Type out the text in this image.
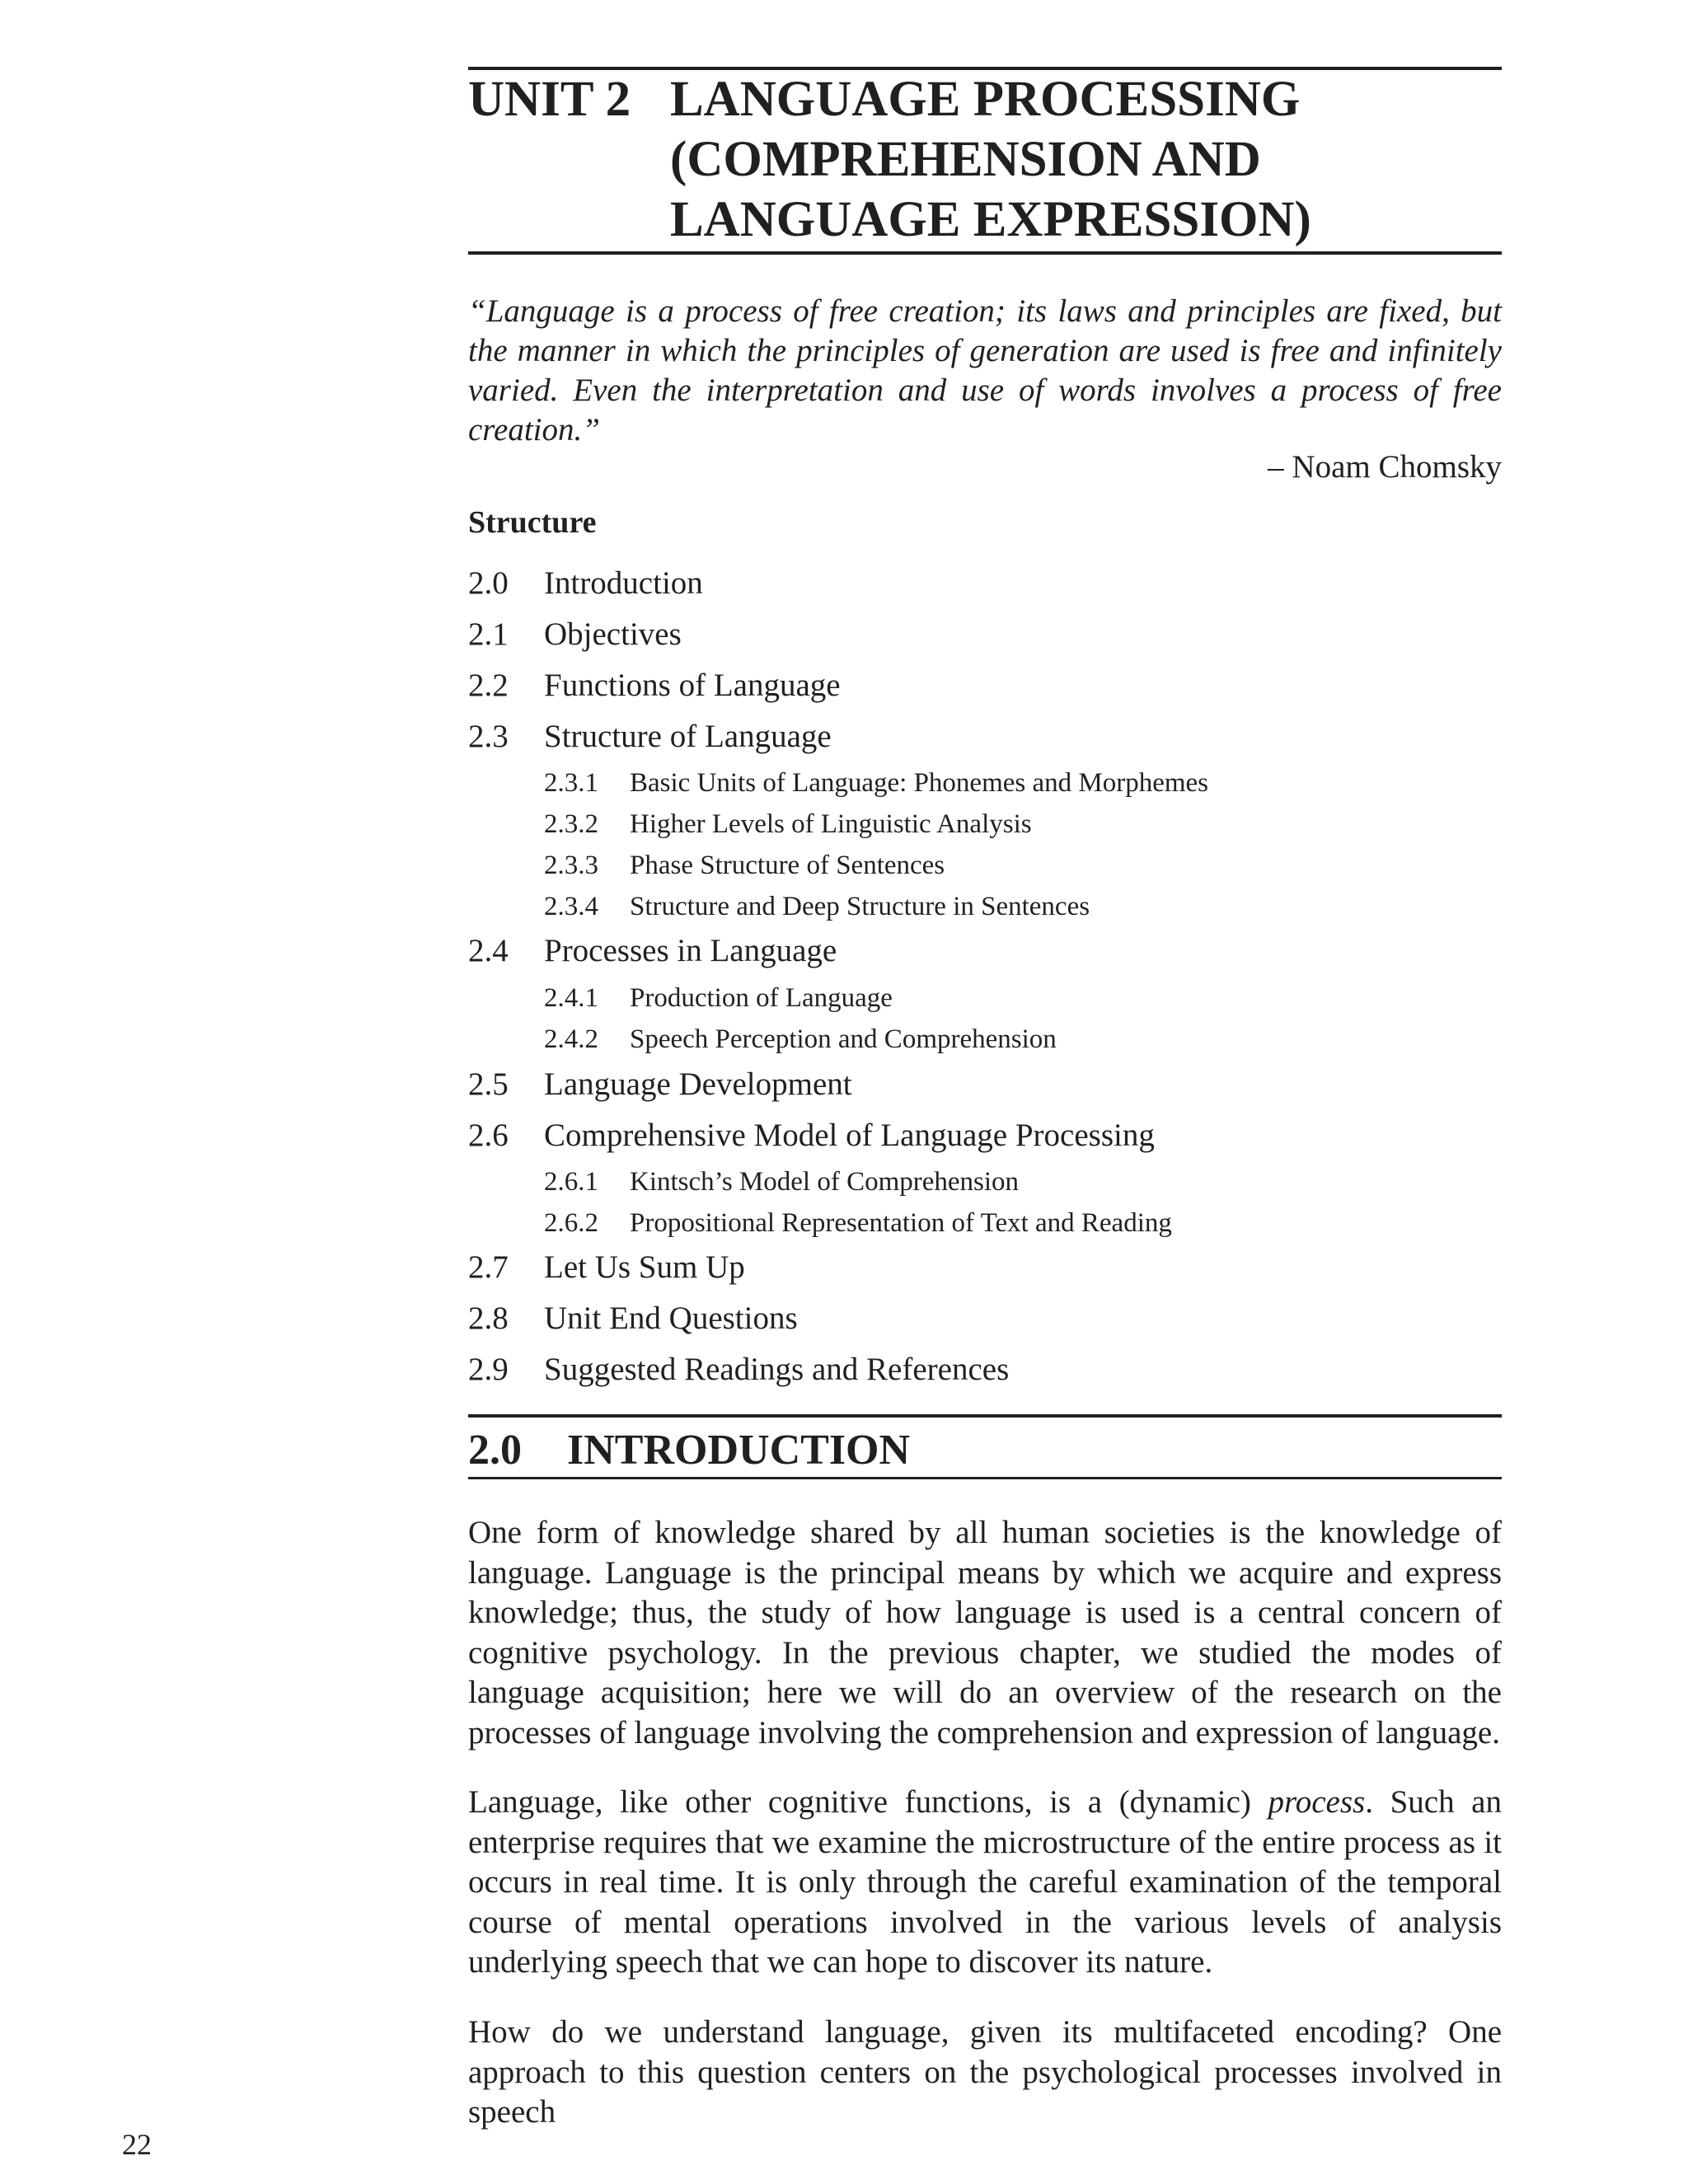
UNIT 2 LANGUAGE PROCESSING
(COMPREHENSION AND
LANGUAGE EXPRESSION)
“Language is a process of free creation; its laws and principles are fixed, but the manner in which the principles of generation are used is free and infinitely varied. Even the interpretation and use of words involves a process of free creation.”
– Noam Chomsky
Structure
2.0 Introduction
2.1 Objectives
2.2 Functions of Language
2.3 Structure of Language
2.3.1 Basic Units of Language: Phonemes and Morphemes
2.3.2 Higher Levels of Linguistic Analysis
2.3.3 Phase Structure of Sentences
2.3.4 Structure and Deep Structure in Sentences
2.4 Processes in Language
2.4.1 Production of Language
2.4.2 Speech Perception and Comprehension
2.5 Language Development
2.6 Comprehensive Model of Language Processing
2.6.1 Kintsch’s Model of Comprehension
2.6.2 Propositional Representation of Text and Reading
2.7 Let Us Sum Up
2.8 Unit End Questions
2.9 Suggested Readings and References
2.0 INTRODUCTION

One form of knowledge shared by all human societies is the knowledge of language. Language is the principal means by which we acquire and express knowledge; thus, the study of how language is used is a central concern of cognitive psychology. In the previous chapter, we studied the modes of language acquisition; here we will do an overview of the research on the processes of language involving the comprehension and expression of language.

Language, like other cognitive functions, is a (dynamic) process. Such an enterprise requires that we examine the microstructure of the entire process as it occurs in real time. It is only through the careful examination of the temporal course of mental operations involved in the various levels of analysis underlying speech that we can hope to discover its nature.

How do we understand language, given its multifaceted encoding? One approach to this question centers on the psychological processes involved in speech

22
